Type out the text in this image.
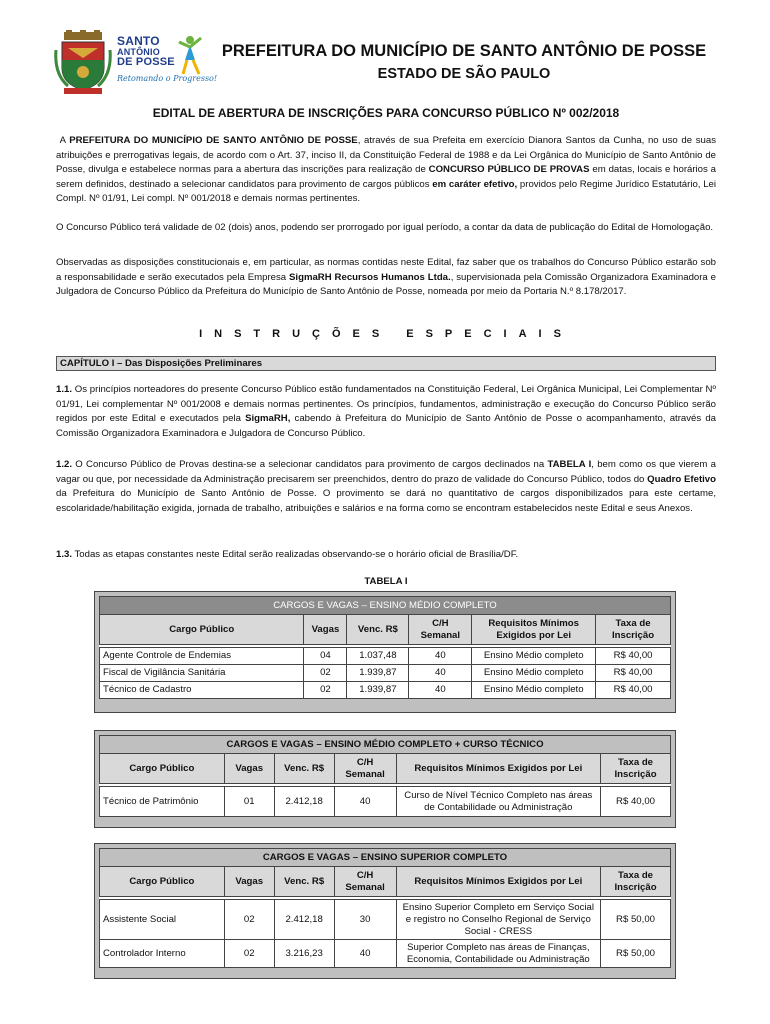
SANTO
ANTÔNIO
DE POSSE
Retomando o Progresso!
PREFEITURA DO MUNICÍPIO DE SANTO ANTÔNIO DE POSSE
ESTADO DE SÃO PAULO
EDITAL DE ABERTURA DE INSCRIÇÕES PARA CONCURSO PÚBLICO Nº 002/2018

A PREFEITURA DO MUNICÍPIO DE SANTO ANTÔNIO DE POSSE, através de sua Prefeita em exercício Dianora Santos da Cunha, no uso de suas atribuições e prerrogativas legais, de acordo com o Art. 37, inciso II, da Constituição Federal de 1988 e da Lei Orgânica do Município de Santo Antônio de Posse, divulga e estabelece normas para a abertura das inscrições para realização de CONCURSO PÚBLICO DE PROVAS em datas, locais e horários a serem definidos, destinado a selecionar candidatos para provimento de cargos públicos em caráter efetivo, providos pelo Regime Jurídico Estatutário, Lei Compl. Nº 01/91, Lei compl. Nº 001/2018 e demais normas pertinentes.

O Concurso Público terá validade de 02 (dois) anos, podendo ser prorrogado por igual período, a contar da data de publicação do Edital de Homologação.

Observadas as disposições constitucionais e, em particular, as normas contidas neste Edital, faz saber que os trabalhos do Concurso Público estarão sob a responsabilidade e serão executados pela Empresa SigmaRH Recursos Humanos Ltda., supervisionada pela Comissão Organizadora Examinadora e Julgadora de Concurso Público da Prefeitura do Município de Santo Antônio de Posse, nomeada por meio da Portaria N.º 8.178/2017.

INSTRUÇÕES ESPECIAIS
CAPÍTULO I – Das Disposições Preliminares

1.1. Os princípios norteadores do presente Concurso Público estão fundamentados na Constituição Federal, Lei Orgânica Municipal, Lei Complementar Nº 01/91, Lei complementar Nº 001/2008 e demais normas pertinentes. Os princípios, fundamentos, administração e execução do Concurso Público serão regidos por este Edital e executados pela SigmaRH, cabendo à Prefeitura do Município de Santo Antônio de Posse o acompanhamento, através da Comissão Organizadora Examinadora e Julgadora de Concurso Público.

1.2. O Concurso Público de Provas destina-se a selecionar candidatos para provimento de cargos declinados na TABELA I, bem como os que vierem a vagar ou que, por necessidade da Administração precisarem ser preenchidos, dentro do prazo de validade do Concurso Público, todos do Quadro Efetivo da Prefeitura do Município de Santo Antônio de Posse. O provimento se dará no quantitativo de cargos disponibilizados para este certame, escolaridade/habilitação exigida, jornada de trabalho, atribuições e salários e na forma como se encontram estabelecidos neste Edital e seus Anexos.

1.3. Todas as etapas constantes neste Edital serão realizadas observando-se o horário oficial de Brasília/DF.

TABELA I
CARGOS E VAGAS – ENSINO MÉDIO COMPLETO					
Cargo Público	Vagas	Venc. R$	C/H Semanal	Requisitos Mínimos Exigidos por Lei	Taxa de Inscrição

Agente Controle de Endemias	04	1.037,48	40	Ensino Médio completo	R$ 40,00
Fiscal de Vigilância Sanitária	02	1.939,87	40	Ensino Médio completo	R$ 40,00
Técnico de Cadastro	02	1.939,87	40	Ensino Médio completo	R$ 40,00
CARGOS E VAGAS – ENSINO MÉDIO COMPLETO + CURSO TÉCNICO					
Cargo Público	Vagas	Venc. R$	C/H Semanal	Requisitos Mínimos Exigidos por Lei	Taxa de Inscrição

Técnico de Patrimônio	01	2.412,18	40	Curso de Nível Técnico Completo nas áreas de Contabilidade ou Administração	R$ 40,00
CARGOS E VAGAS – ENSINO SUPERIOR COMPLETO					
Cargo Público	Vagas	Venc. R$	C/H Semanal	Requisitos Mínimos Exigidos por Lei	Taxa de Inscrição

Assistente Social	02	2.412,18	30	Ensino Superior Completo em Serviço Social e registro no Conselho Regional de Serviço Social - CRESS	R$ 50,00
Controlador Interno	02	3.216,23	40	Superior Completo nas áreas de Finanças, Economia, Contabilidade ou Administração	R$ 50,00
